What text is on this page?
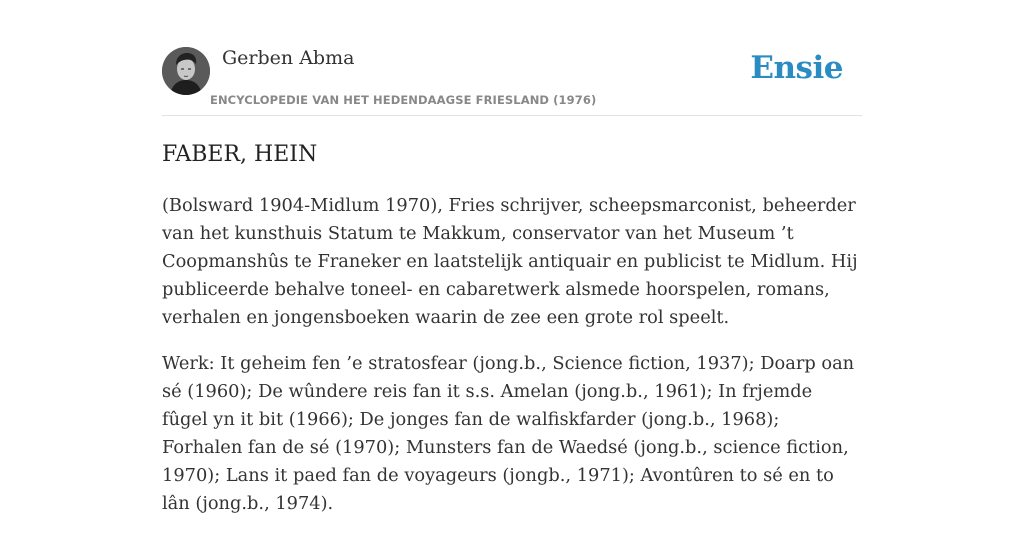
Gerben Abma
ENCYCLOPEDIE VAN HET HEDENDAAGSE FRIESLAND (1976)
Ensie
FABER, HEIN

(Bolsward 1904-Midlum 1970), Fries schrijver, scheepsmarconist, beheerder van het kunsthuis Statum te Makkum, conservator van het Museum ’t Coopmanshûs te Franeker en laatstelijk antiquair en publicist te Midlum. Hij publiceerde behalve toneel- en cabaretwerk alsmede hoorspelen, romans, verhalen en jongensboeken waarin de zee een grote rol speelt.

Werk: It geheim fen ’e stratosfear (jong.b., Science fiction, 1937); Doarp oan sé (1960); De wûndere reis fan it s.s. Amelan (jong.b., 1961); In frjemde fûgel yn it bit (1966); De jonges fan de walfiskfarder (jong.b., 1968); Forhalen fan de sé (1970); Munsters fan de Waedsé (jong.b., science fiction, 1970); Lans it paed fan de voyageurs (jongb., 1971); Avontûren to sé en to lân (jong.b., 1974).
